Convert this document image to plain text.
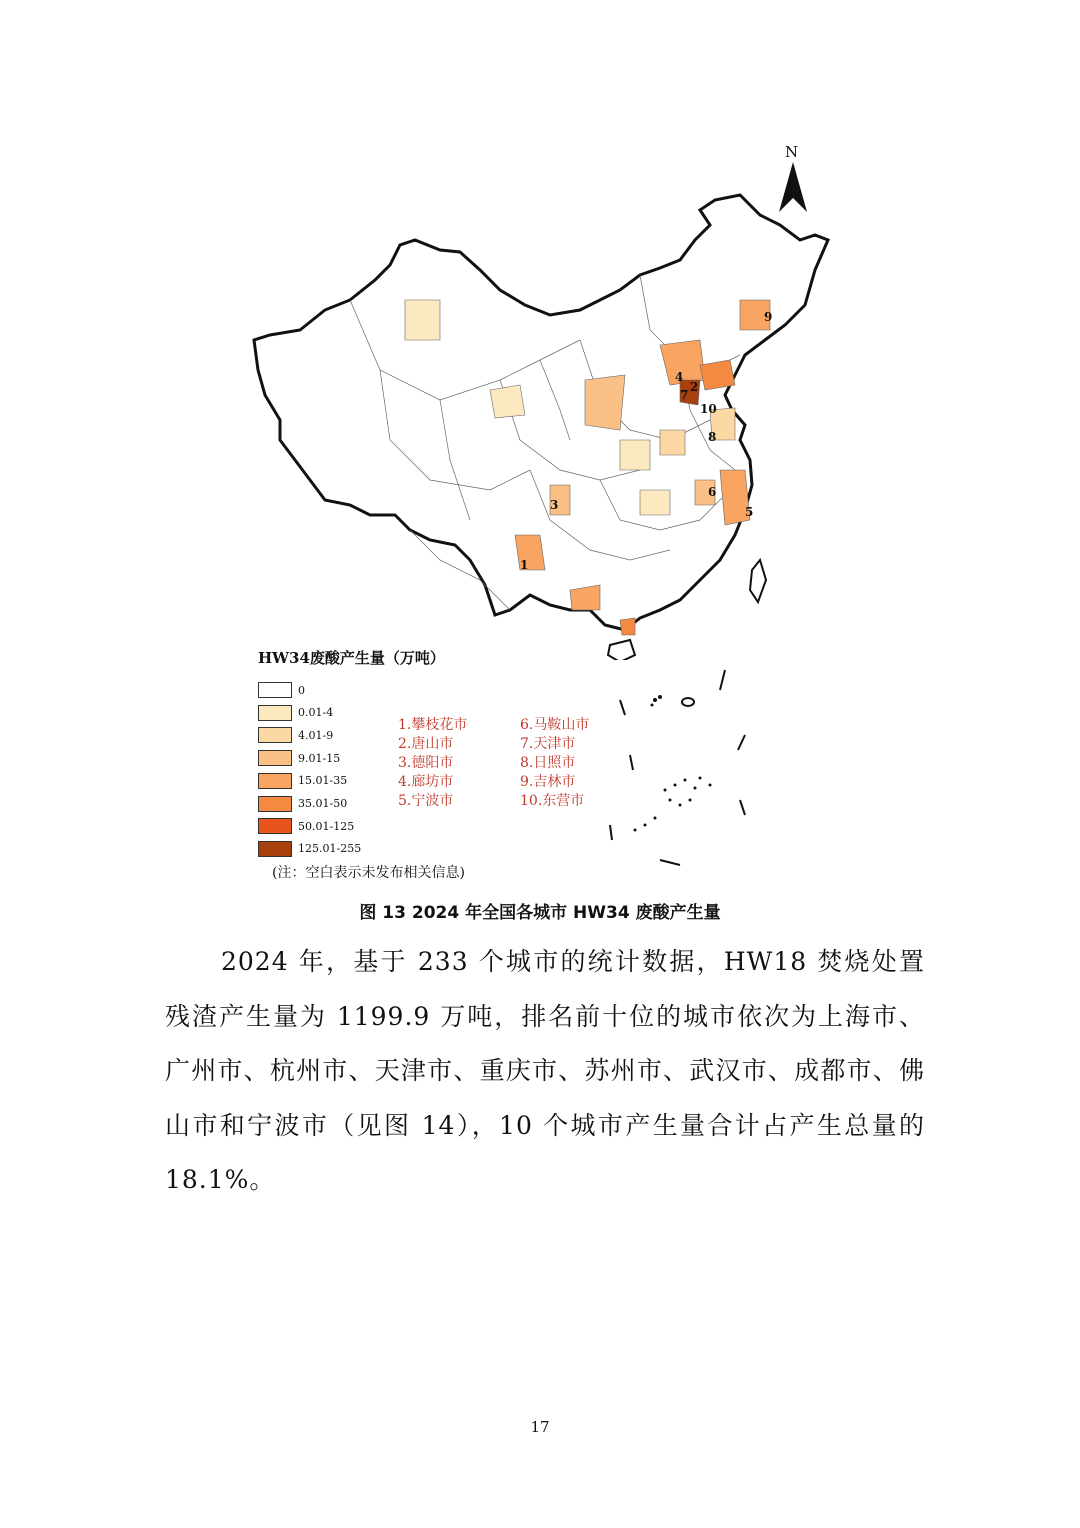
N
3
1
4
2
10
8
6
5
9
7
HW34废酸产生量（万吨）
0
0.01-4
4.01-9
9.01-15
15.01-35
35.01-50
50.01-125
125.01-255
(注：空白表示未发布相关信息)
1.攀枝花市
2.唐山市
3.德阳市
4.廊坊市
5.宁波市
6.马鞍山市
7.天津市
8.日照市
9.吉林市
10.东营市
图 13 2024 年全国各城市 HW34 废酸产生量

2024 年，基于 233 个城市的统计数据，HW18 焚烧处置残渣产生量为 1199.9 万吨，排名前十位的城市依次为上海市、广州市、杭州市、天津市、重庆市、苏州市、武汉市、成都市、佛山市和宁波市（见图 14），10 个城市产生量合计占产生总量的 18.1%。

17
